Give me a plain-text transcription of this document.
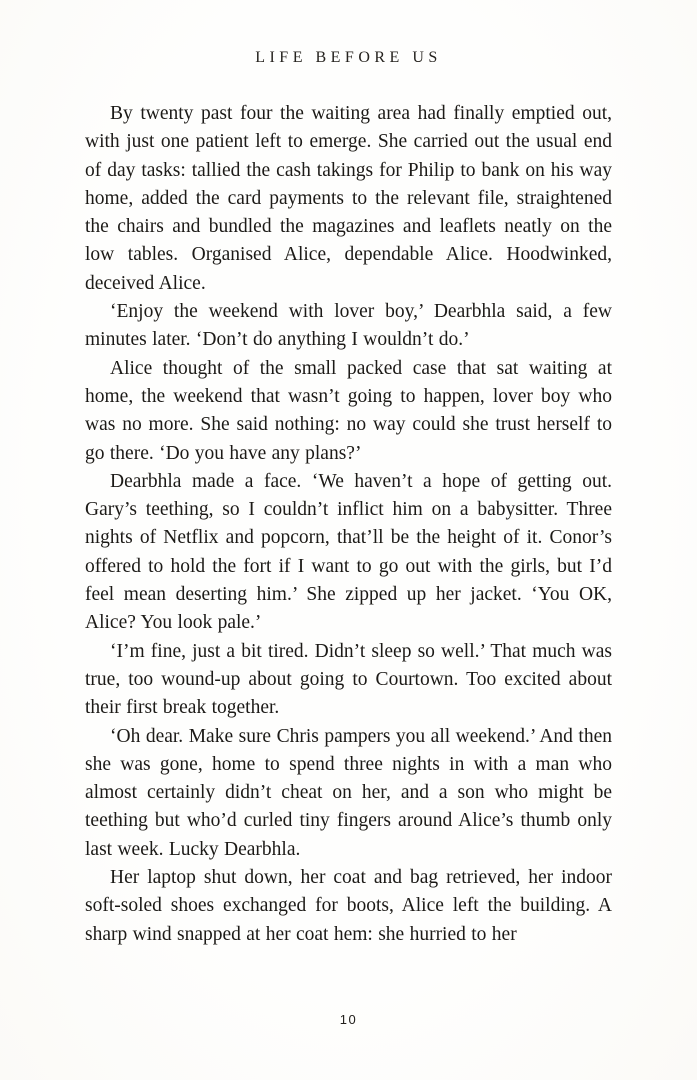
LIFE BEFORE US

By twenty past four the waiting area had finally emptied out, with just one patient left to emerge. She carried out the usual end of day tasks: tallied the cash takings for Philip to bank on his way home, added the card payments to the relevant file, straightened the chairs and bundled the magazines and leaflets neatly on the low tables. Organised Alice, dependable Alice. Hoodwinked, deceived Alice.

‘Enjoy the weekend with lover boy,’ Dearbhla said, a few minutes later. ‘Don’t do anything I wouldn’t do.’

Alice thought of the small packed case that sat waiting at home, the weekend that wasn’t going to happen, lover boy who was no more. She said nothing: no way could she trust herself to go there. ‘Do you have any plans?’

Dearbhla made a face. ‘We haven’t a hope of getting out. Gary’s teething, so I couldn’t inflict him on a babysitter. Three nights of Netflix and popcorn, that’ll be the height of it. Conor’s offered to hold the fort if I want to go out with the girls, but I’d feel mean deserting him.’ She zipped up her jacket. ‘You OK, Alice? You look pale.’

‘I’m fine, just a bit tired. Didn’t sleep so well.’ That much was true, too wound-up about going to Courtown. Too excited about their first break together.

‘Oh dear. Make sure Chris pampers you all weekend.’ And then she was gone, home to spend three nights in with a man who almost certainly didn’t cheat on her, and a son who might be teething but who’d curled tiny fingers around Alice’s thumb only last week. Lucky Dearbhla.

Her laptop shut down, her coat and bag retrieved, her indoor soft-soled shoes exchanged for boots, Alice left the building. A sharp wind snapped at her coat hem: she hurried to her

10
